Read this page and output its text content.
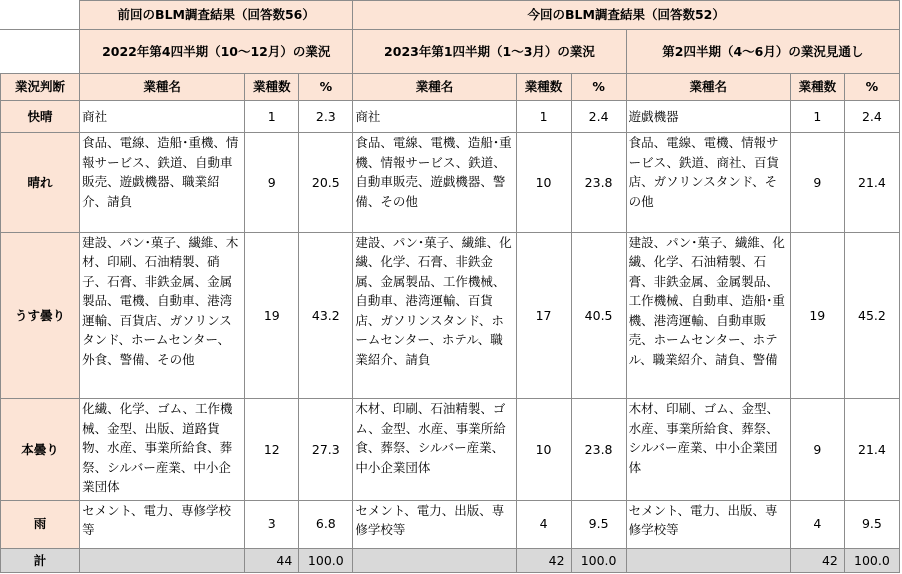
	前回のBLM調査結果（回答数56）			今回のBLM調査結果（回答数52）					
	2022年第4四半期（10～12月）の業況			2023年第1四半期（1～3月）の業況			第2四半期（4～6月）の業況見通し		
業況判断	業種名	業種数	%	業種名	業種数	%	業種名	業種数	%
快晴	商社	1	2.3	商社	1	2.4	遊戯機器	1	2.4
晴れ	食品、電線、造船･重機、情報サービス、鉄道、自動車販売、遊戯機器、職業紹介、請負	9	20.5	食品、電線、電機、造船･重機、情報サービス、鉄道、自動車販売、遊戯機器、警備、その他	10	23.8	食品、電線、電機、情報サービス、鉄道、商社、百貨店、ガソリンスタンド、その他	9	21.4
うす曇り	建設、パン･菓子、繊維、木材、印刷、石油精製、硝子、石膏、非鉄金属、金属製品、電機、自動車、港湾運輸、百貨店、ガソリンスタンド、ホームセンター、外食、警備、その他	19	43.2	建設、パン･菓子、繊維、化繊、化学、石膏、非鉄金属、金属製品、工作機械、自動車、港湾運輸、百貨店、ガソリンスタンド、ホームセンター、ホテル、職業紹介、請負	17	40.5	建設、パン･菓子、繊維、化繊、化学、石油精製、石膏、非鉄金属、金属製品、工作機械、自動車、造船･重機、港湾運輸、自動車販売、ホームセンター、ホテル、職業紹介、請負、警備	19	45.2
本曇り	化繊、化学、ゴム、工作機械、金型、出版、道路貨物、水産、事業所給食、葬祭、シルバー産業、中小企業団体	12	27.3	木材、印刷、石油精製、ゴム、金型、水産、事業所給食、葬祭、シルバー産業、中小企業団体	10	23.8	木材、印刷、ゴム、金型、水産、事業所給食、葬祭、シルバー産業、中小企業団体	9	21.4
雨	セメント、電力、専修学校等	3	6.8	セメント、電力、出版、専修学校等	4	9.5	セメント、電力、出版、専修学校等	4	9.5
計		44	100.0		42	100.0		42	100.0
